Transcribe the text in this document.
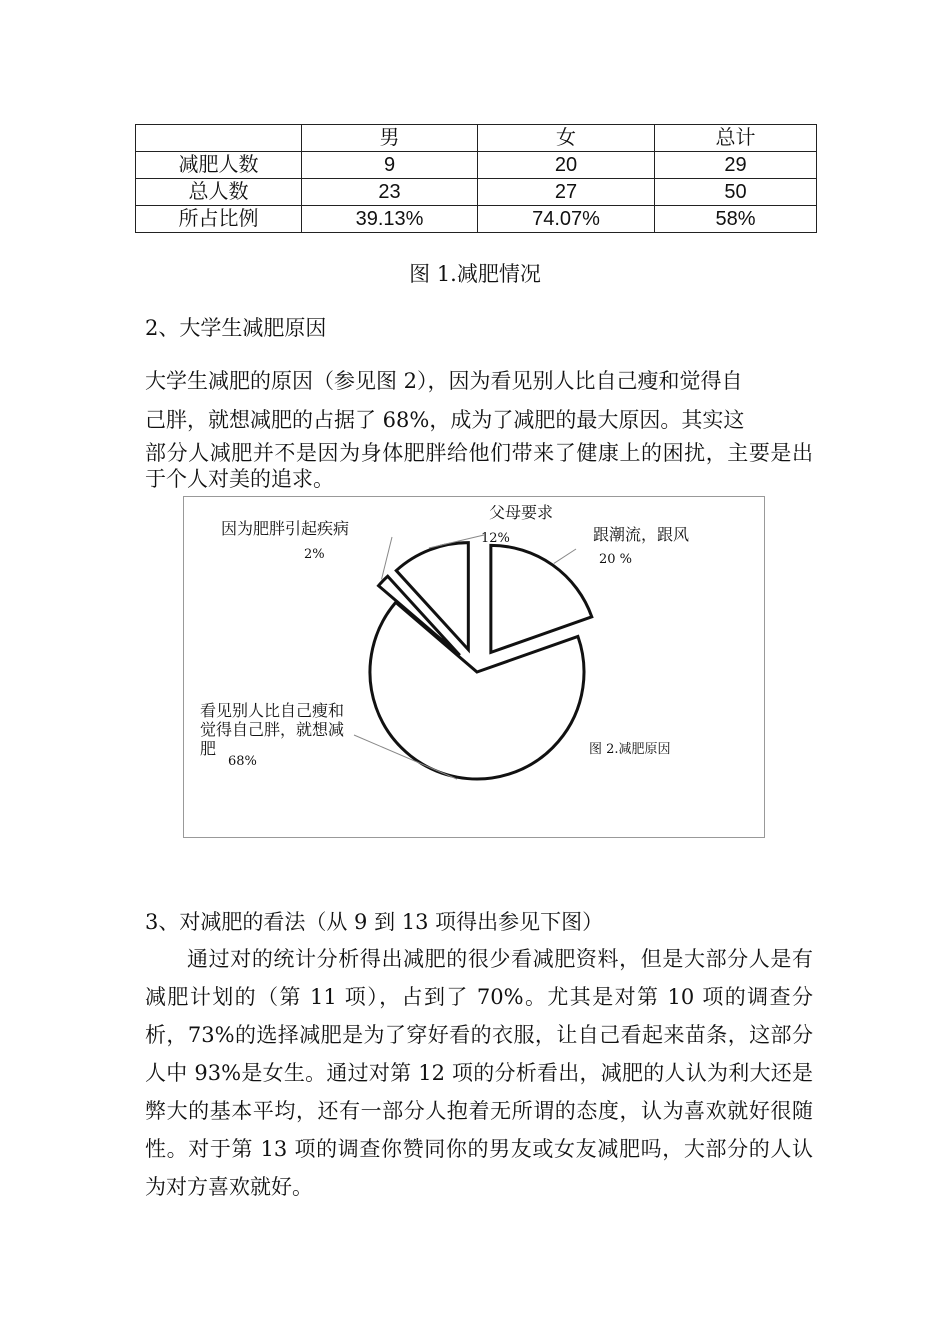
	男	女	总计
减肥人数	9	20	29
总人数	23	27	50
所占比例	39.13%	74.07%	58%
图 1.减肥情况
2、大学生减肥原因
大学生减肥的原因（参见图 2），因为看见别人比自己瘦和觉得自
己胖，就想减肥的占据了 68%，成为了减肥的最大原因。其实这

部分人减肥并不是因为身体肥胖给他们带来了健康上的困扰，主要是出于个人对美的追求。
因为肥胖引起疾病
2%
父母要求
12%	跟潮流，跟风
20 %
看见别人比自己瘦和
觉得自己胖，就想减
肥
68%
图 2.减肥原因
3、对减肥的看法（从 9 到 13 项得出参见下图）
通过对的统计分析得出减肥的很少看减肥资料，但是大部分人是有减肥计划的（第 11 项），占到了 70%。尤其是对第 10 项的调查分析，73%的选择减肥是为了穿好看的衣服，让自己看起来苗条，这部分人中 93%是女生。通过对第 12 项的分析看出，减肥的人认为利大还是弊大的基本平均，还有一部分人抱着无所谓的态度，认为喜欢就好很随性。对于第 13 项的调查你赞同你的男友或女友减肥吗，大部分的人认为对方喜欢就好。
